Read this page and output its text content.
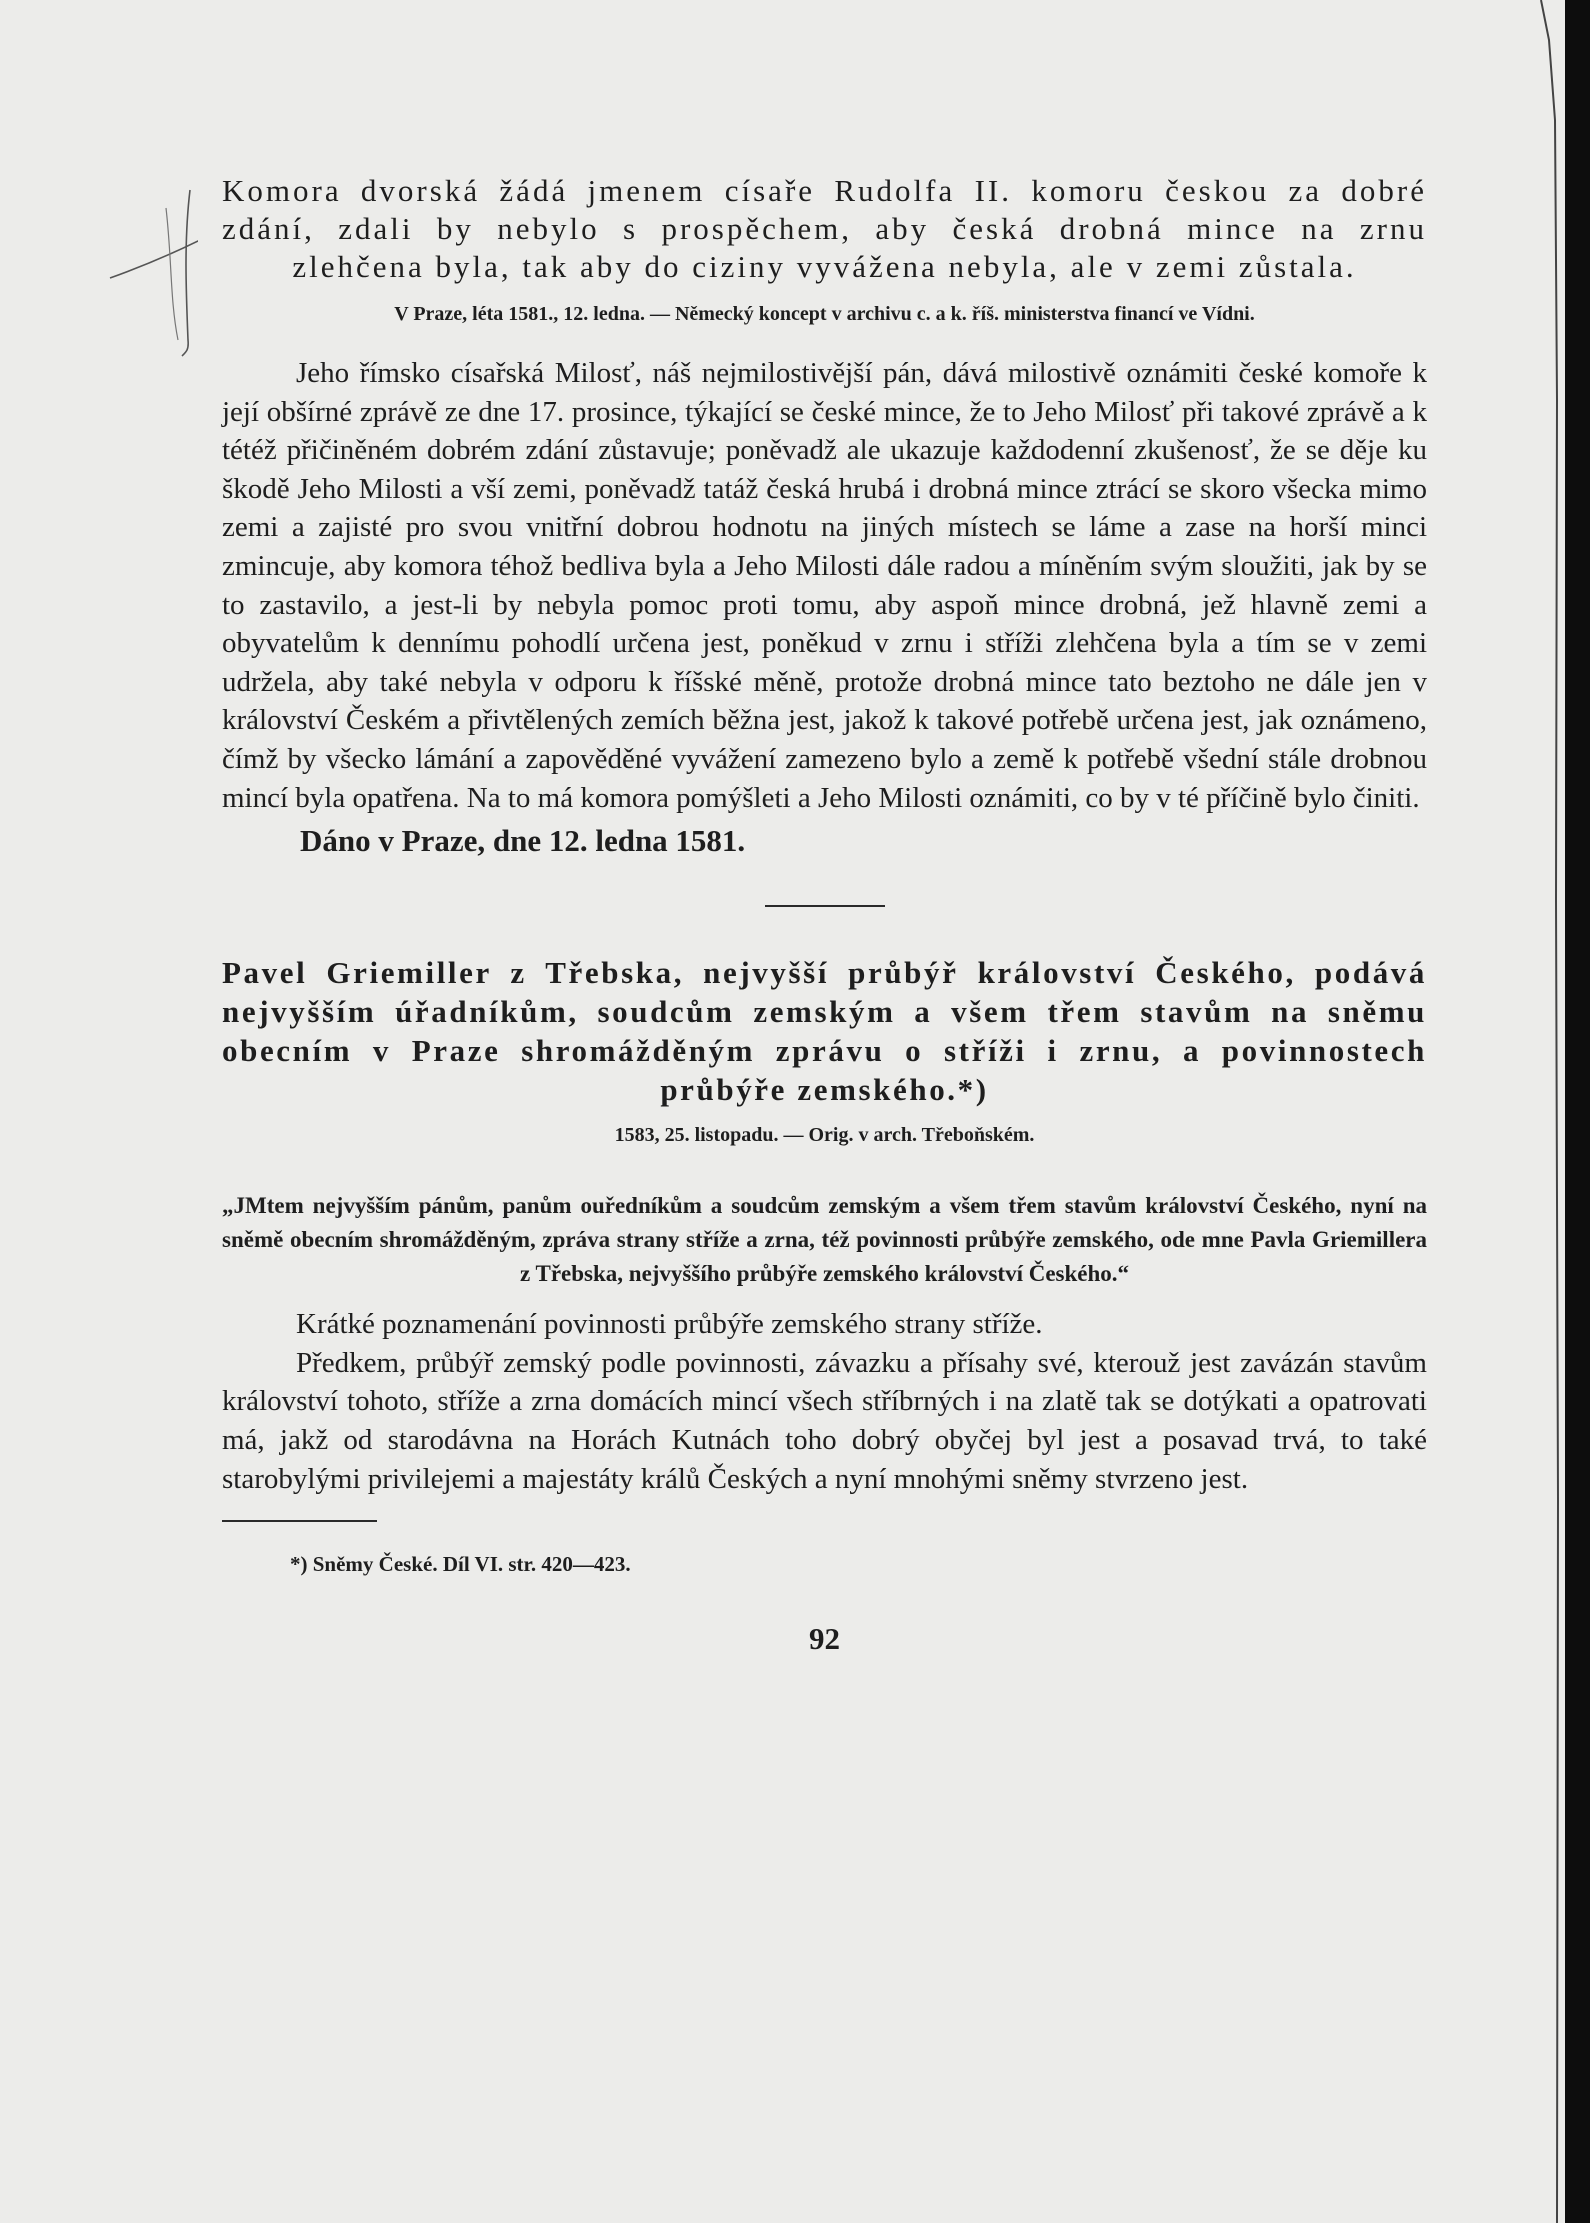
Komora dvorská žádá jmenem císaře Rudolfa II. komoru českou za dobré zdání, zdali by nebylo s prospěchem, aby česká drobná mince na zrnu zlehčena byla, tak aby do ciziny vyvážena nebyla, ale v zemi zůstala.

V Praze, léta 1581., 12. ledna. — Německý koncept v archivu c. a k. říš. ministerstva financí ve Vídni.

Jeho římsko císařská Milosť, náš nejmilostivější pán, dává milostivě oznámiti české komoře k její obšírné zprávě ze dne 17. prosince, týkající se české mince, že to Jeho Milosť při takové zprávě a k tétéž přičiněném dobrém zdání zůstavuje; poněvadž ale ukazuje každodenní zkušenosť, že se děje ku škodě Jeho Milosti a vší zemi, poněvadž tatáž česká hrubá i drobná mince ztrácí se skoro všecka mimo zemi a zajisté pro svou vnitřní dobrou hodnotu na jiných místech se láme a zase na horší minci zmincuje, aby komora téhož bedliva byla a Jeho Milosti dále radou a míněním svým sloužiti, jak by se to zastavilo, a jest-li by nebyla pomoc proti tomu, aby aspoň mince drobná, jež hlavně zemi a obyvatelům k dennímu pohodlí určena jest, poněkud v zrnu i stříži zlehčena byla a tím se v zemi udržela, aby také nebyla v odporu k říšské měně, protože drobná mince tato beztoho ne dále jen v království Českém a přivtělených zemích běžna jest, jakož k takové potřebě určena jest, jak oznámeno, čímž by všecko lámání a zapověděné vyvážení zamezeno bylo a země k potřebě všední stále drobnou mincí byla opatřena. Na to má komora pomýšleti a Jeho Milosti oznámiti, co by v té příčině bylo činiti.

Dáno v Praze, dne 12. ledna 1581.

Pavel Griemiller z Třebska, nejvyšší průbýř království Českého, podává nejvyšším úřadníkům, soudcům zemským a všem třem stavům na sněmu obecním v Praze shromážděným zprávu o stříži i zrnu, a povinnostech průbýře zemského.*)

1583, 25. listopadu. — Orig. v arch. Třeboňském.

„JMtem nejvyšším pánům, panům ouředníkům a soudcům zemským a všem třem stavům království Českého, nyní na sněmě obecním shromážděným, zpráva strany stříže a zrna, též povinnosti průbýře zemského, ode mne Pavla Griemillera z Třebska, nejvyššího průbýře zemského království Českého.“

Krátké poznamenání povinnosti průbýře zemského strany stříže.

Předkem, průbýř zemský podle povinnosti, závazku a přísahy své, kterouž jest zavázán stavům království tohoto, stříže a zrna domácích mincí všech stříbrných i na zlatě tak se dotýkati a opatrovati má, jakž od starodávna na Horách Kutnách toho dobrý obyčej byl jest a posavad trvá, to také starobylými privilejemi a majestáty králů Českých a nyní mnohými sněmy stvrzeno jest.

*) Sněmy České. Díl VI. str. 420—423.

92
